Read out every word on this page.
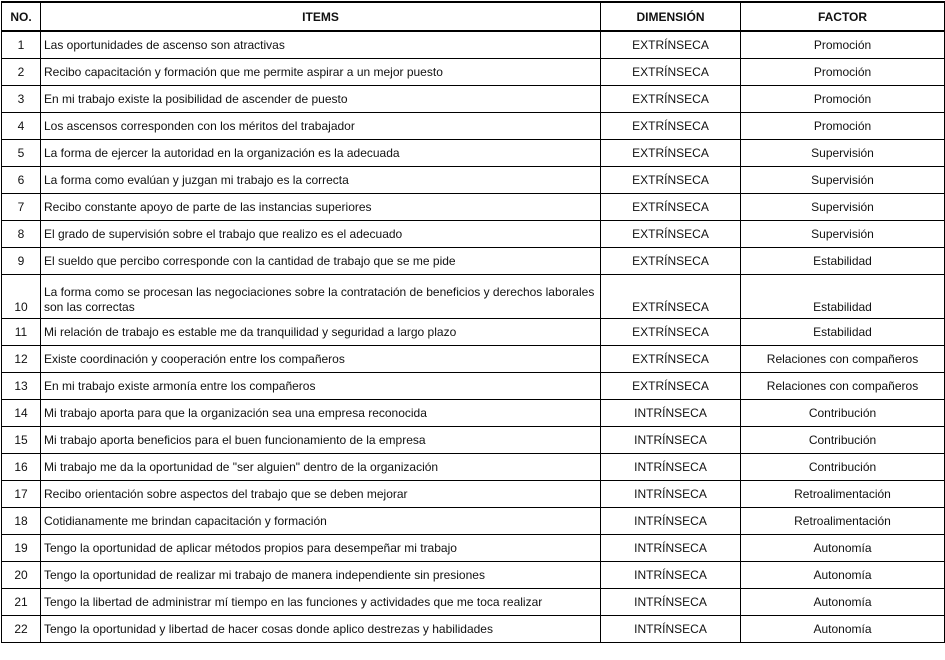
NO.	ITEMS	DIMENSIÓN	FACTOR
1	Las oportunidades de ascenso son atractivas	EXTRÍNSECA	Promoción
2	Recibo capacitación y formación que me permite aspirar a un mejor puesto	EXTRÍNSECA	Promoción
3	En mi trabajo existe la posibilidad de ascender de puesto	EXTRÍNSECA	Promoción
4	Los ascensos corresponden con los méritos del trabajador	EXTRÍNSECA	Promoción
5	La forma de ejercer la autoridad en la organización es la adecuada	EXTRÍNSECA	Supervisión
6	La forma como evalúan y juzgan mi trabajo es la correcta	EXTRÍNSECA	Supervisión
7	Recibo constante apoyo de parte de las instancias superiores	EXTRÍNSECA	Supervisión
8	El grado de supervisión sobre el trabajo que realizo es el adecuado	EXTRÍNSECA	Supervisión
9	El sueldo que percibo corresponde con la cantidad de trabajo que se me pide	EXTRÍNSECA	Estabilidad
10	La forma como se procesan las negociaciones sobre la contratación de beneficios y derechos laborales son las correctas	EXTRÍNSECA	Estabilidad
11	Mi relación de trabajo es estable me da tranquilidad y seguridad a largo plazo	EXTRÍNSECA	Estabilidad
12	Existe coordinación y cooperación entre los compañeros	EXTRÍNSECA	Relaciones con compañeros
13	En mi trabajo existe armonía entre los compañeros	EXTRÍNSECA	Relaciones con compañeros
14	Mi trabajo aporta para que la organización sea una empresa reconocida	INTRÍNSECA	Contribución
15	Mi trabajo aporta beneficios para el buen funcionamiento de la empresa	INTRÍNSECA	Contribución
16	Mi trabajo me da la oportunidad de "ser alguien" dentro de la organización	INTRÍNSECA	Contribución
17	Recibo orientación sobre aspectos del trabajo que se deben mejorar	INTRÍNSECA	Retroalimentación
18	Cotidianamente me brindan capacitación y formación	INTRÍNSECA	Retroalimentación
19	Tengo la oportunidad de aplicar métodos propios para desempeñar mi trabajo	INTRÍNSECA	Autonomía
20	Tengo la oportunidad de realizar mi trabajo de manera independiente sin presiones	INTRÍNSECA	Autonomía
21	Tengo la libertad de administrar mí tiempo en las funciones y actividades que me toca realizar	INTRÍNSECA	Autonomía
22	Tengo la oportunidad y libertad de hacer cosas donde aplico destrezas y habilidades	INTRÍNSECA	Autonomía
